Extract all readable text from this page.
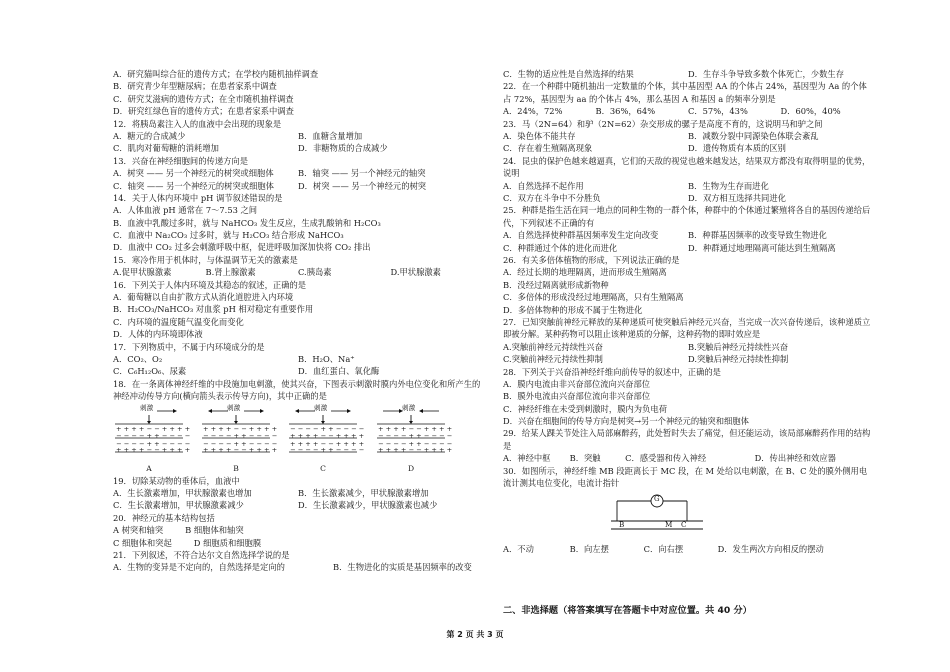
A．研究猫叫综合征的遗传方式；在学校内随机抽样调查
B．研究青少年型糖尿病；在患者家系中调查
C．研究艾滋病的遗传方式；在全市随机抽样调查
D．研究红绿色盲的遗传方式；在患者家系中调查
12．将胰岛素注入人的血液中会出现的现象是
A．糖元的合成减少	B．血糖含量增加
C．肌肉对葡萄糖的消耗增加	D．非糖物质的合成减少
13．兴奋在神经细胞间的传递方向是
A．树突 —— 另一个神经元的树突或细胞体	B．轴突 —— 另一个神经元的轴突
C．轴突 —— 另一个神经元的树突或细胞体	D．树突 —— 另一个神经元的树突
14．关于人体内环境中 pH 调节叙述错误的是
A．人体血液 pH 通常在 7～7.53 之间
B．血液中乳酸过多时，就与 NaHCO₃ 发生反应，生成乳酸钠和 H₂CO₃
C．血液中 Na₂CO₃ 过多时，就与 H₂CO₃ 结合形成 NaHCO₃
D．血液中 CO₂ 过多会刺激呼吸中枢，促进呼吸加深加快将 CO₂ 排出
15．寒冷作用于机体时，与体温调节无关的激素是
A.促甲状腺激素	B.肾上腺激素	C.胰岛素	D.甲状腺激素
16．下列关于人体内环境及其稳态的叙述，正确的是
A．葡萄糖以自由扩散方式从消化道腔进入内环境
B．H₂CO₃/NaHCO₃ 对血浆 pH 相对稳定有重要作用
C．内环境的温度随气温变化而变化
D．人体的内环境即体液
17．下列物质中，不属于内环境成分的是
A．CO₂、O₂	B．H₂O、Na⁺
C．C₆H₁₂O₆、尿素	D．血红蛋白、氧化酶
18．在一条离体神经纤维的中段施加电刺激，使其兴奋，下图表示刺激时膜内外电位变化和所产生的神经冲动传导方向(横向箭头表示传导方向)，其中正确的是
A	B	C	D
刺激	刺激	刺激	刺激
+ + + + − − + + + +
− − − − + + − − − −
− − − − + + − − − −
+ + + + − − + + + +
+ + + + − − + + + +
− − − − + + − − − −
− − − − + + − − − −
+ + + + − − + + + +
− − − − + + − − − −
+ + + + − − + + + +
+ + + + − − + + + +
− − − − + + − − − −
+ + + + − − + + + +
− − − − + + − − − −
− − − − + + − − − −
+ + + + − − + + + +
19．切除某动物的垂体后，血液中
A．生长激素增加，甲状腺激素也增加	B．生长激素减少，甲状腺激素增加
C．生长激素增加，甲状腺激素减少	D．生长激素减少，甲状腺激素也减少
20．神经元的基本结构包括
A 树突和轴突	B 细胞体和轴突
C 细胞体和突起	D 细胞质和细胞膜
21．下列叙述，不符合达尔文自然选择学说的是
A．生物的变异是不定向的，自然选择是定向的	B．生物进化的实质是基因频率的改变
C．生物的适应性是自然选择的结果	D．生存斗争导致多数个体死亡，少数生存
22．在一个种群中随机抽出一定数量的个体，其中基因型 AA 的个体占 24%，基因型为 Aa 的个体占 72%，基因型为 aa 的个体占 4%，那么基因 A 和基因 a 的频率分别是
A．24%，72%	B．36%，64%	C．57%，43%	D．60%，40%
23．马（2N=64）和驴（2N=62）杂交形成的骡子是高度不育的，这说明马和驴之间
A．染色体不能共存	B．减数分裂中同源染色体联会紊乱
C．存在着生殖隔离现象	D．遗传物质有本质的区别
24．昆虫的保护色越来越逼真，它们的天敌的视觉也越来越发达，结果双方都没有取得明显的优势，说明
A．自然选择不起作用	B．生物为生存而进化
C．双方在斗争中不分胜负	D．双方相互选择共同进化
25．种群是指生活在同一地点的同种生物的一群个体，种群中的个体通过繁殖将各自的基因传递给后代，下列叙述不正确的有
A．自然选择使种群基因频率发生定向改变	B．种群基因频率的改变导致生物进化
C．种群通过个体的进化而进化	D．种群通过地理隔离可能达到生殖隔离
26．有关多倍体植物的形成，下列说法正确的是
A．经过长期的地理隔离，进而形成生殖隔离
B．没经过隔离就形成新物种
C．多倍体的形成没经过地理隔离，只有生殖隔离
D．多倍体物种的形成不属于生物进化
27．已知突触前神经元释放的某种递质可使突触后神经元兴奋，当完成一次兴奋传递后，该种递质立即被分解。某种药物可以阻止该种递质的分解，这种药物的即时效应是
A.突触前神经元持续性兴奋	B.突触后神经元持续性兴奋
C.突触前神经元持续性抑制	D.突触后神经元持续性抑制
28．下列关于兴奋沿神经纤维向前传导的叙述中，正确的是
A．膜内电流由非兴奋部位流向兴奋部位
B．膜外电流由兴奋部位流向非兴奋部位
C．神经纤维在未受到刺激时，膜内为负电荷
D．兴奋在细胞间的传导方向是树突→另一个神经元的轴突和细胞体
29．给某人踝关节处注入局部麻醉药，此处暂时失去了痛觉，但还能运动，该局部麻醉药作用的结构是
A．神经中枢	B．突触	C．感受器和传入神经	D．传出神经和效应器
30．如图所示，神经纤维 MB 段距离长于 MC 段，在 M 处给以电刺激，在 B、C 处的膜外侧用电流计测其电位变化，电流计指针
G
B	M C
A．不动	B．向左摆	C．向右摆	D．发生两次方向相反的摆动
二、非选择题（将答案填写在答题卡中对应位置。共 40 分）
第 2 页 共 3 页
